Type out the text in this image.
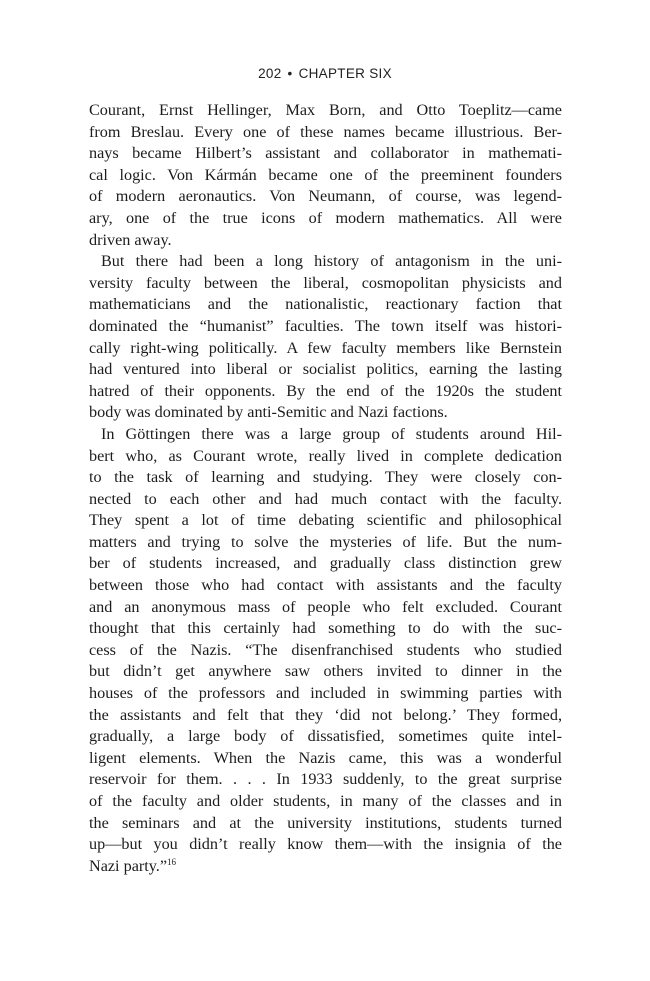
202 • CHAPTER SIX
Courant, Ernst Hellinger, Max Born, and Otto Toeplitz—came
from Breslau. Every one of these names became illustrious. Ber-
nays became Hilbert’s assistant and collaborator in mathemati-
cal logic. Von Kármán became one of the preeminent founders
of modern aeronautics. Von Neumann, of course, was legend-
ary, one of the true icons of modern mathematics. All were
driven away.
But there had been a long history of antagonism in the uni-
versity faculty between the liberal, cosmopolitan physicists and
mathematicians and the nationalistic, reactionary faction that
dominated the “humanist” faculties. The town itself was histori-
cally right-wing politically. A few faculty members like Bernstein
had ventured into liberal or socialist politics, earning the lasting
hatred of their opponents. By the end of the 1920s the student
body was dominated by anti-Semitic and Nazi factions.
In Göttingen there was a large group of students around Hil-
bert who, as Courant wrote, really lived in complete dedication
to the task of learning and studying. They were closely con-
nected to each other and had much contact with the faculty.
They spent a lot of time debating scientific and philosophical
matters and trying to solve the mysteries of life. But the num-
ber of students increased, and gradually class distinction grew
between those who had contact with assistants and the faculty
and an anonymous mass of people who felt excluded. Courant
thought that this certainly had something to do with the suc-
cess of the Nazis. “The disenfranchised students who studied
but didn’t get anywhere saw others invited to dinner in the
houses of the professors and included in swimming parties with
the assistants and felt that they ‘did not belong.’ They formed,
gradually, a large body of dissatisfied, sometimes quite intel-
ligent elements. When the Nazis came, this was a wonderful
reservoir for them. . . . In 1933 suddenly, to the great surprise
of the faculty and older students, in many of the classes and in
the seminars and at the university institutions, students turned
up—but you didn’t really know them—with the insignia of the
Nazi party.”$^{16}$
